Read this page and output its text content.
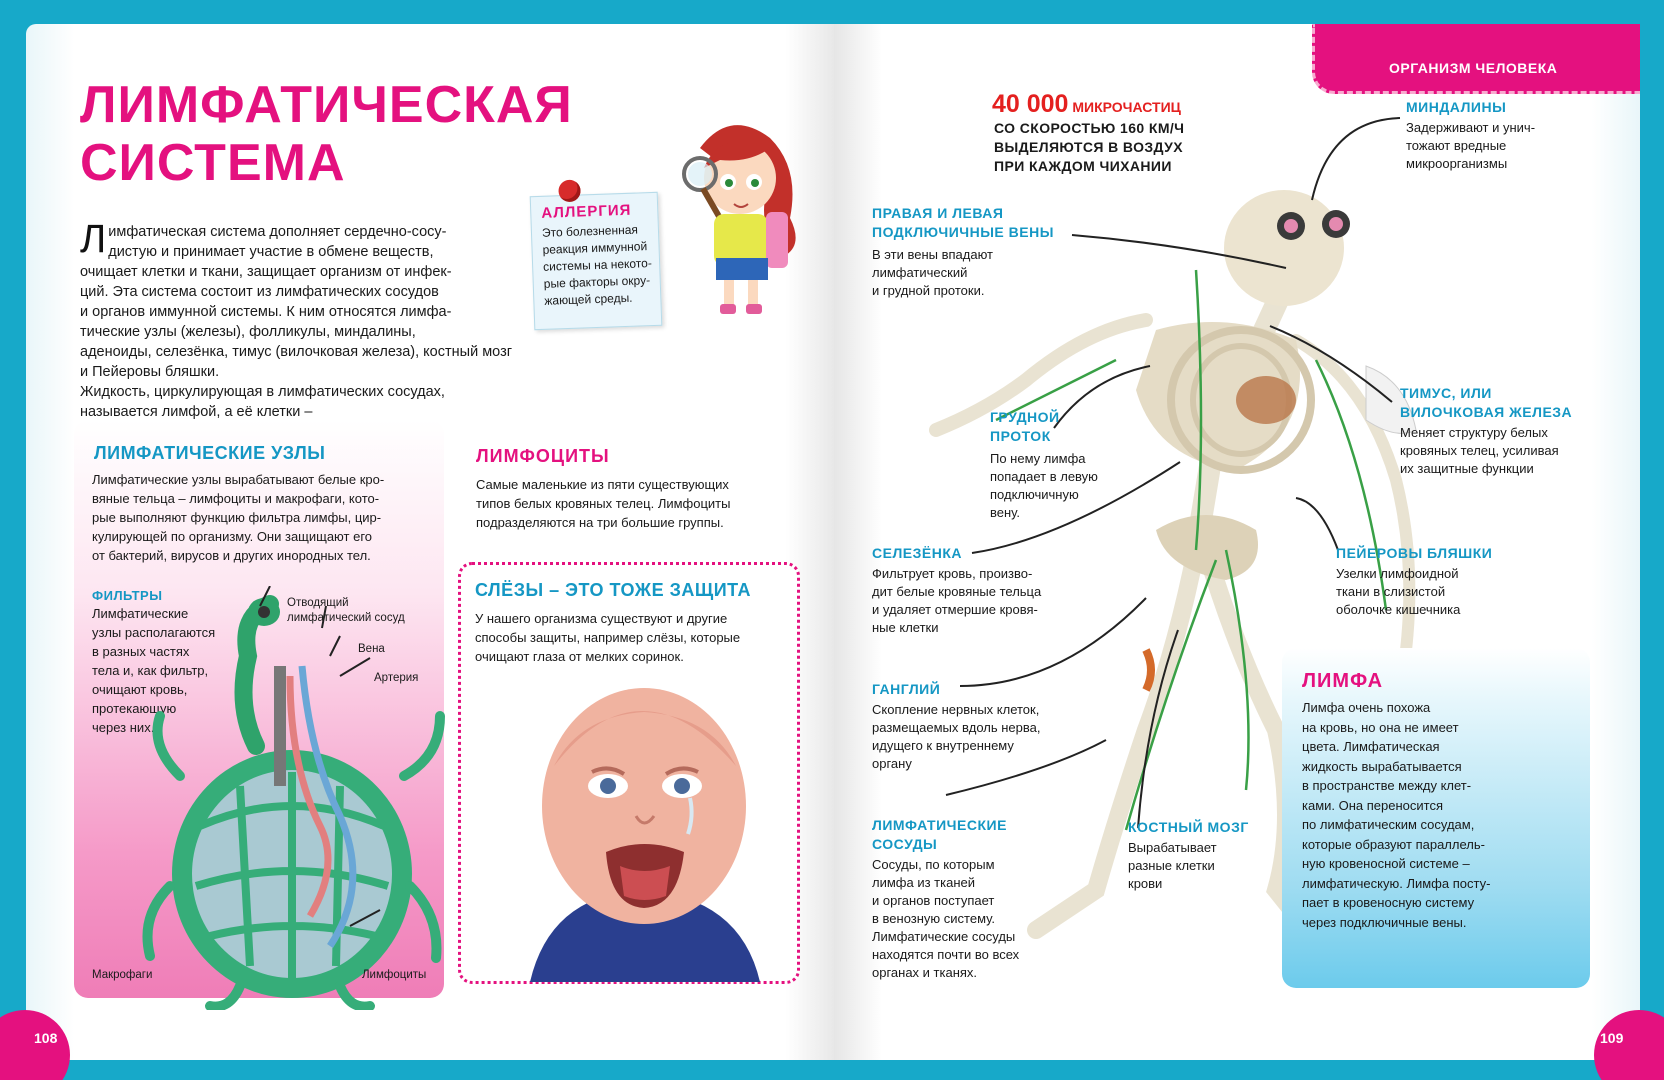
ОРГАНИЗМ ЧЕЛОВЕКА
ЛИМФАТИЧЕСКАЯ
СИСТЕМА
Л имфатическая система дополняет сердечно-сосу-
дистую и принимает участие в обмене веществ,
очищает клетки и ткани, защищает организм от инфек-
ций. Эта система состоит из лимфатических сосудов
и органов иммунной системы. К ним относятся лимфа-
тические узлы (железы), фолликулы, миндалины,
аденоиды, селезёнка, тимус (вилочковая железа), костный мозг и Пейеровы бляшки.
Жидкость, циркулирующая в лимфатических сосудах, называется лимфой, а её клетки –
АЛЛЕРГИЯ
Это болезненная
реакция иммунной
системы на некото-
рые факторы окру-
жающей среды.
ЛИМФАТИЧЕСКИЕ УЗЛЫ
Лимфатические узлы вырабатывают белые кро-
вяные тельца – лимфоциты и макрофаги, кото-
рые выполняют функцию фильтра лимфы, цир-
кулирующей по организму. Они защищают его
от бактерий, вирусов и других инородных тел.
ФИЛЬТРЫ
Лимфатические
узлы располагаются
в разных частях
тела и, как фильтр,
очищают кровь,
протекающую
через них.
Отводящий
лимфатический сосуд
Вена
Артерия
Макрофаги	Лимфоциты
ЛИМФОЦИТЫ
Самые маленькие из пяти существующих
типов белых кровяных телец. Лимфоциты
подразделяются на три большие группы.
СЛЁЗЫ – ЭТО ТОЖЕ ЗАЩИТА
У нашего организма существуют и другие
способы защиты, например слёзы, которые
очищают глаза от мелких соринок.
40 000 МИКРОЧАСТИЦ
СО СКОРОСТЬЮ 160 КМ/Ч
ВЫДЕЛЯЮТСЯ В ВОЗДУХ
ПРИ КАЖДОМ ЧИХАНИИ
ПРАВАЯ И ЛЕВАЯ
ПОДКЛЮЧИЧНЫЕ ВЕНЫ
В эти вены впадают
лимфатический
и грудной протоки.
ГРУДНОЙ
ПРОТОК
По нему лимфа
попадает в левую
подключичную
вену.
СЕЛЕЗЁНКА
Фильтрует кровь, произво-
дит белые кровяные тельца
и удаляет отмершие кровя-
ные клетки
ГАНГЛИЙ
Скопление нервных клеток,
размещаемых вдоль нерва,
идущего к внутреннему
органу
ЛИМФАТИЧЕСКИЕ
СОСУДЫ
Сосуды, по которым
лимфа из тканей
и органов поступает
в венозную систему.
Лимфатические сосуды
находятся почти во всех
органах и тканях.
КОСТНЫЙ МОЗГ
Вырабатывает
разные клетки
крови
МИНДАЛИНЫ
Задерживают и унич-
тожают вредные
микроорганизмы
ТИМУС, ИЛИ
ВИЛОЧКОВАЯ ЖЕЛЕЗА
Меняет структуру белых
кровяных телец, усиливая
их защитные функции
ПЕЙЕРОВЫ БЛЯШКИ
Узелки лимфоидной
ткани в слизистой
оболочке кишечника
ЛИМФА
Лимфа очень похожа
на кровь, но она не имеет
цвета. Лимфатическая
жидкость вырабатывается
в пространстве между клет-
ками. Она переносится
по лимфатическим сосудам,
которые образуют параллель-
ную кровеносной системе –
лимфатическую. Лимфа посту-
пает в кровеносную систему
через подключичные вены.
108	109
